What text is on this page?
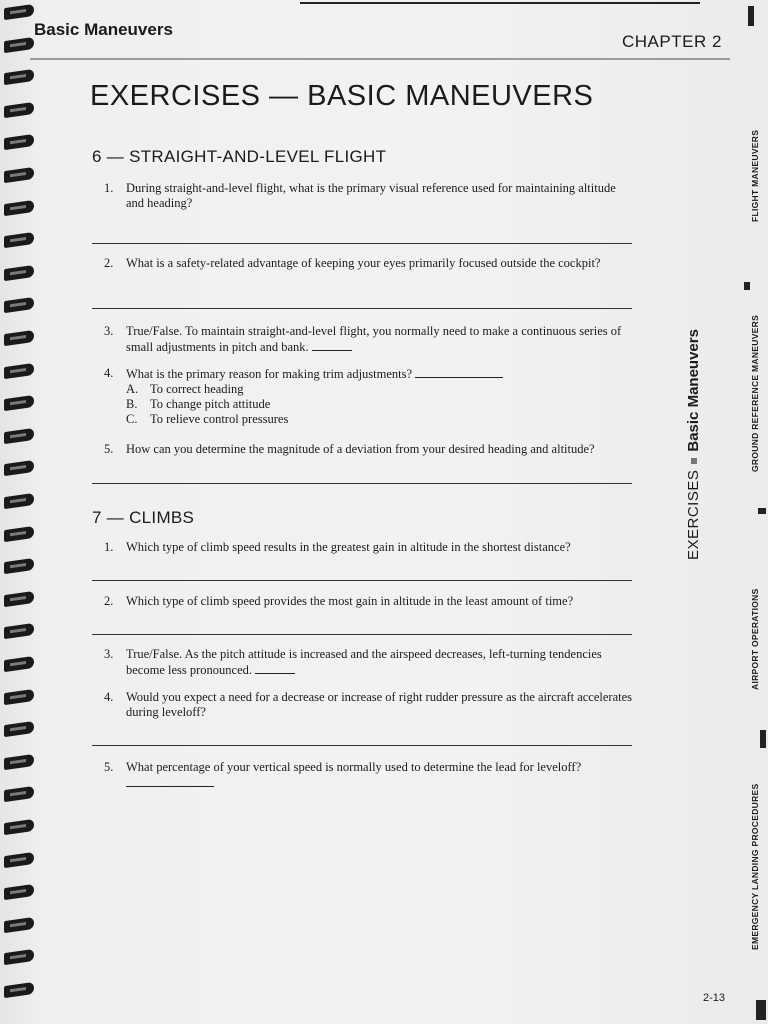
Basic Maneuvers
CHAPTER 2
EXERCISES — BASIC MANEUVERS
6 — STRAIGHT-AND-LEVEL FLIGHT
1. During straight-and-level flight, what is the primary visual reference used for maintaining altitude and heading?
2. What is a safety-related advantage of keeping your eyes primarily focused outside the cockpit?
3. True/False. To maintain straight-and-level flight, you normally need to make a continuous series of small adjustments in pitch and bank.
4. What is the primary reason for making trim adjustments?
A. To correct heading
B. To change pitch attitude
C. To relieve control pressures
5. How can you determine the magnitude of a deviation from your desired heading and altitude?
7 — CLIMBS
1. Which type of climb speed results in the greatest gain in altitude in the shortest distance?
2. Which type of climb speed provides the most gain in altitude in the least amount of time?
3. True/False. As the pitch attitude is increased and the airspeed decreases, left-turning tendencies become less pronounced.
4. Would you expect a need for a decrease or increase of right rudder pressure as the aircraft accelerates during leveloff?
5. What percentage of your vertical speed is normally used to determine the lead for leveloff?
EXERCISESBasic Maneuvers
FLIGHT MANEUVERS
GROUND REFERENCE MANEUVERS
AIRPORT OPERATIONS
EMERGENCY LANDING PROCEDURES
2-13
